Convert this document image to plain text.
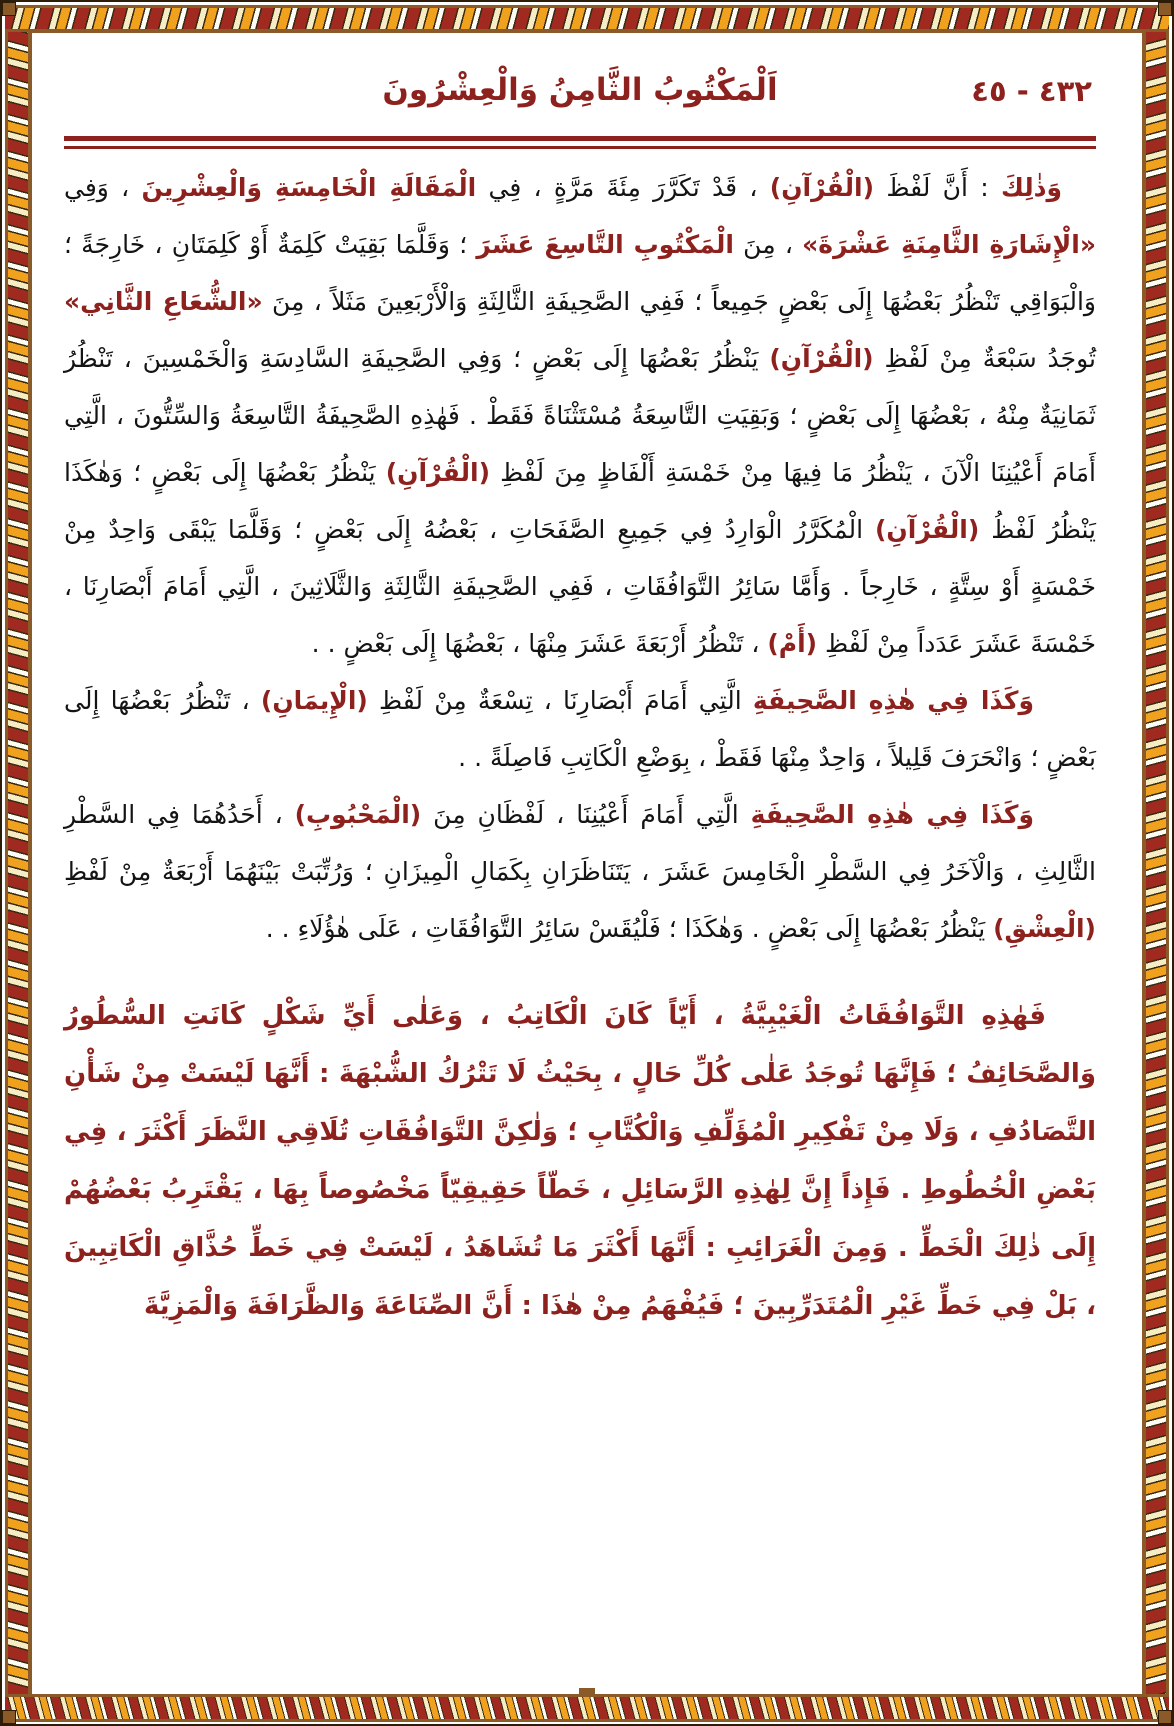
٤٣٢ - ٤٥
اَلْمَكْتُوبُ الثَّامِنُ وَالْعِشْرُونَ

وَذٰلِكَ : أَنَّ لَفْظَ (الْقُرْآنِ) ، قَدْ تَكَرَّرَ مِئَةَ مَرَّةٍ ، فِي الْمَقَالَةِ الْخَامِسَةِ وَالْعِشْرِينَ ، وَفِي «الْإِشَارَةِ الثَّامِنَةِ عَشْرَةَ» ، مِنَ الْمَكْتُوبِ التَّاسِعَ عَشَرَ ؛ وَقَلَّمَا بَقِيَتْ كَلِمَةٌ أَوْ كَلِمَتَانِ ، خَارِجَةً ؛ وَالْبَوَاقِي تَنْظُرُ بَعْضُهَا إِلَى بَعْضٍ جَمِيعاً ؛ فَفِي الصَّحِيفَةِ الثَّالِثَةِ وَالْأَرْبَعِينَ مَثَلاً ، مِنَ «الشُّعَاعِ الثَّانِي» تُوجَدُ سَبْعَةٌ مِنْ لَفْظِ (الْقُرْآنِ) يَنْظُرُ بَعْضُهَا إِلَى بَعْضٍ ؛ وَفِي الصَّحِيفَةِ السَّادِسَةِ وَالْخَمْسِينَ ، تَنْظُرُ ثَمَانِيَةٌ مِنْهُ ، بَعْضُهَا إِلَى بَعْضٍ ؛ وَبَقِيَتِ التَّاسِعَةُ مُسْتَثْنَاةً فَقَطْ . فَهٰذِهِ الصَّحِيفَةُ التَّاسِعَةُ وَالسِّتُّونَ ، الَّتِي أَمَامَ أَعْيُنِنَا الْآنَ ، يَنْظُرُ مَا فِيهَا مِنْ خَمْسَةِ أَلْفَاظٍ مِنَ لَفْظِ (الْقُرْآنِ) يَنْظُرُ بَعْضُهَا إِلَى بَعْضٍ ؛ وَهٰكَذَا يَنْظُرُ لَفْظُ (الْقُرْآنِ) الْمُكَرَّرُ الْوَارِدُ فِي جَمِيعِ الصَّفَحَاتِ ، بَعْضُهُ إِلَى بَعْضٍ ؛ وَقَلَّمَا يَبْقَى وَاحِدٌ مِنْ خَمْسَةٍ أَوْ سِتَّةٍ ، خَارِجاً . وَأَمَّا سَائِرُ التَّوَافُقَاتِ ، فَفِي الصَّحِيفَةِ الثَّالِثَةِ وَالثَّلَاثِينَ ، الَّتِي أَمَامَ أَبْصَارِنَا ، خَمْسَةَ عَشَرَ عَدَداً مِنْ لَفْظِ (أَمْ) ، تَنْظُرُ أَرْبَعَةَ عَشَرَ مِنْهَا ، بَعْضُهَا إِلَى بَعْضٍ . .

وَكَذَا فِي هٰذِهِ الصَّحِيفَةِ الَّتِي أَمَامَ أَبْصَارِنَا ، تِسْعَةٌ مِنْ لَفْظِ (الْإِيمَانِ) ، تَنْظُرُ بَعْضُهَا إِلَى بَعْضٍ ؛ وَانْحَرَفَ قَلِيلاً ، وَاحِدٌ مِنْهَا فَقَطْ ، بِوَضْعِ الْكَاتِبِ فَاصِلَةً . .

وَكَذَا فِي هٰذِهِ الصَّحِيفَةِ الَّتِي أَمَامَ أَعْيُنِنَا ، لَفْظَانِ مِنَ (الْمَحْبُوبِ) ، أَحَدُهُمَا فِي السَّطْرِ الثَّالِثِ ، وَالْآخَرُ فِي السَّطْرِ الْخَامِسَ عَشَرَ ، يَتَنَاظَرَانِ بِكَمَالِ الْمِيزَانِ ؛ وَرُتِّبَتْ بَيْنَهُمَا أَرْبَعَةٌ مِنْ لَفْظِ (الْعِشْقِ) يَنْظُرُ بَعْضُهَا إِلَى بَعْضٍ . وَهٰكَذَا ؛ فَلْيُقَسْ سَائِرُ التَّوَافُقَاتِ ، عَلَى هٰؤُلَاءِ . .

فَهٰذِهِ التَّوَافُقَاتُ الْغَيْبِيَّةُ ، أَيّاً كَانَ الْكَاتِبُ ، وَعَلٰى أَيِّ شَكْلٍ كَانَتِ السُّطُورُ وَالصَّحَائِفُ ؛ فَإِنَّهَا تُوجَدُ عَلٰى كُلِّ حَالٍ ، بِحَيْثُ لَا تَتْرُكُ الشُّبْهَةَ : أَنَّهَا لَيْسَتْ مِنْ شَأْنِ التَّصَادُفِ ، وَلَا مِنْ تَفْكِيرِ الْمُؤَلِّفِ وَالْكُتَّابِ ؛ وَلٰكِنَّ التَّوَافُقَاتِ تُلَاقِي النَّظَرَ أَكْثَرَ ، فِي بَعْضِ الْخُطُوطِ . فَإِذاً إِنَّ لِهٰذِهِ الرَّسَائِلِ ، خَطّاً حَقِيقِيّاً مَخْصُوصاً بِهَا ، يَقْتَرِبُ بَعْضُهُمْ إِلَى ذٰلِكَ الْخَطِّ . وَمِنَ الْغَرَائِبِ : أَنَّهَا أَكْثَرَ مَا تُشَاهَدُ ، لَيْسَتْ فِي خَطِّ حُذَّاقِ الْكَاتِبِينَ ، بَلْ فِي خَطِّ غَيْرِ الْمُتَدَرِّبِينَ ؛ فَيُفْهَمُ مِنْ هٰذَا : أَنَّ الصِّنَاعَةَ وَالظَّرَافَةَ وَالْمَزِيَّةَ
